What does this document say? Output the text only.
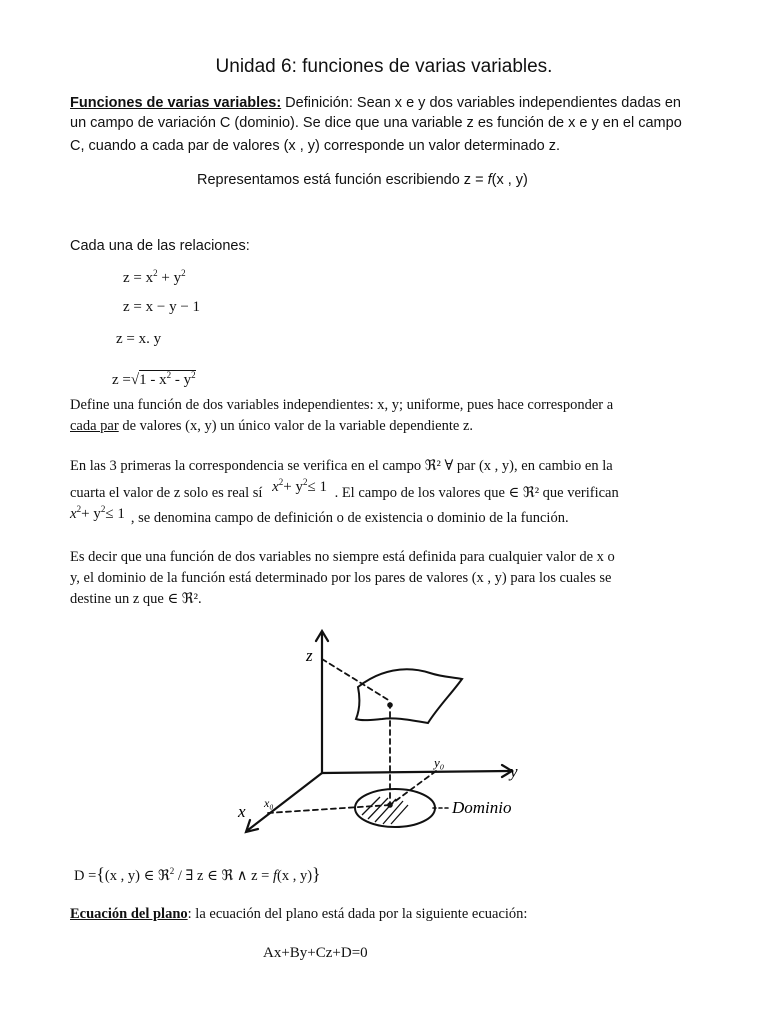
Unidad 6: funciones de varias variables.
Funciones de varias variables: Definición: Sean x e y dos variables independientes dadas en
un campo de variación C (dominio). Se dice que una variable z es función de x e y en el campo
C, cuando a cada par de valores (x , y) corresponde un valor determinado z.
Representamos está función escribiendo z = f(x , y)
Cada una de las relaciones:
$z = x^2 + y^2$
z = x − y − 1
z = x. y
$z =√1 - x^2 - y^2$
Define una función de dos variables independientes: x, y; uniforme, pues hace corresponder a
cada par de valores (x, y) un único valor de la variable dependiente z.
En las 3 primeras la correspondencia se verifica en el campo ℜ² ∀ par (x , y), en cambio en la
cuarta el valor de z solo es real sí $x^2+ y^2\le 1$ . El campo de los valores que ∈ ℜ² que verifican
$x^2+ y^2\le 1$ , se denomina campo de definición o de existencia o dominio de la función.
Es decir que una función de dos variables no siempre está definida para cualquier valor de x o
y, el dominio de la función está determinado por los pares de valores (x , y) para los cuales se
destine un z que ∈ ℜ².
z
y
x
y₀
x₀	Dominio
D ={(x , y) ∈ ℜ$^2$ / ∃ z ∈ ℜ ∧ z = f(x , y)}
Ecuación del plano: la ecuación del plano está dada por la siguiente ecuación:
Ax+By+Cz+D=0
